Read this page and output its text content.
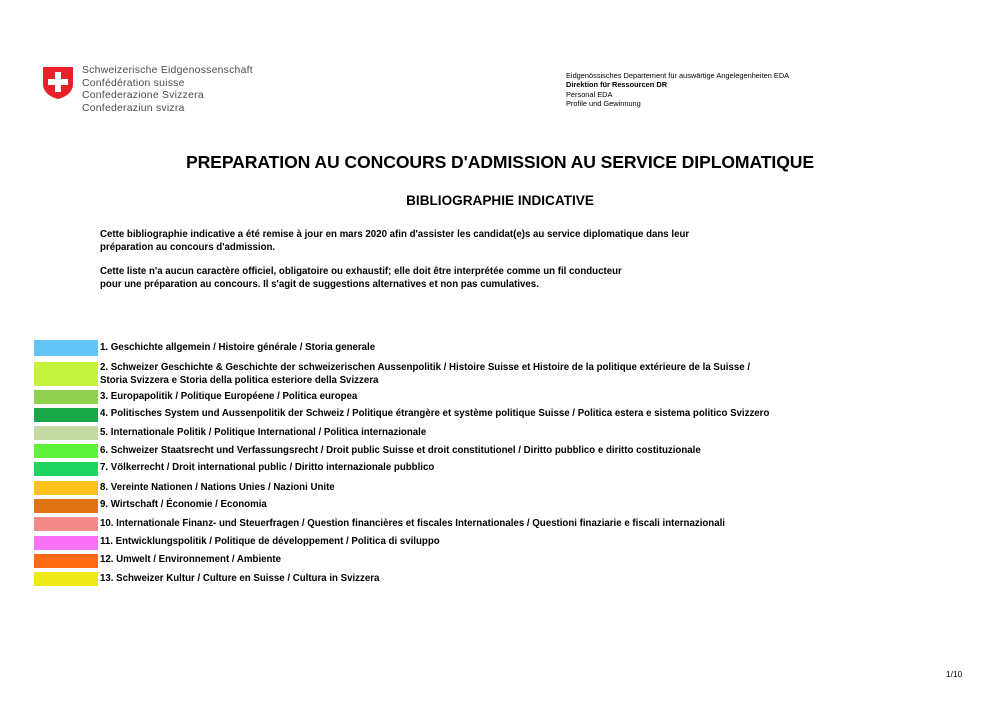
Schweizerische Eidgenossenschaft
Confédération suisse
Confederazione Svizzera
Confederaziun svizra
Eidgenössisches Departement für auswärtige Angelegenheiten EDA
Direktion für Ressourcen DR
Personal EDA
Profile und Gewinnung
PREPARATION AU CONCOURS D'ADMISSION AU SERVICE DIPLOMATIQUE
BIBLIOGRAPHIE INDICATIVE
Cette bibliographie indicative a été remise à jour en mars 2020 afin d'assister les candidat(e)s au service diplomatique dans leur
préparation au concours d'admission.
Cette liste n'a aucun caractère officiel, obligatoire ou exhaustif; elle doit être interprétée comme un fil conducteur
pour une préparation au concours. Il s'agit de suggestions alternatives et non pas cumulatives.
1. Geschichte allgemein / Histoire générale / Storia generale
2. Schweizer Geschichte & Geschichte der schweizerischen Aussenpolitik / Histoire Suisse et Histoire de la politique extérieure de la Suisse /
Storia Svizzera e Storia della politica esteriore della Svizzera
3. Europapolitik / Politique Européene / Politica europea
4. Politisches System und Aussenpolitik der Schweiz / Politique étrangère et système politique Suisse / Politica estera e sistema politico Svizzero
5. Internationale Politik / Politique International / Politica internazionale
6. Schweizer Staatsrecht und Verfassungsrecht / Droit public Suisse et droit constitutionel / Diritto pubblico e diritto costituzionale
7. Völkerrecht / Droit international public / Diritto internazionale pubblico
8. Vereinte Nationen / Nations Unies / Nazioni Unite
9. Wirtschaft / Économie / Economia
10. Internationale Finanz- und Steuerfragen / Question financières et fiscales Internationales / Questioni finaziarie e fiscali internazionali
11. Entwicklungspolitik / Politique de développement / Politica di sviluppo
12. Umwelt / Environnement / Ambiente
13. Schweizer Kultur / Culture en Suisse / Cultura in Svizzera
1/10
